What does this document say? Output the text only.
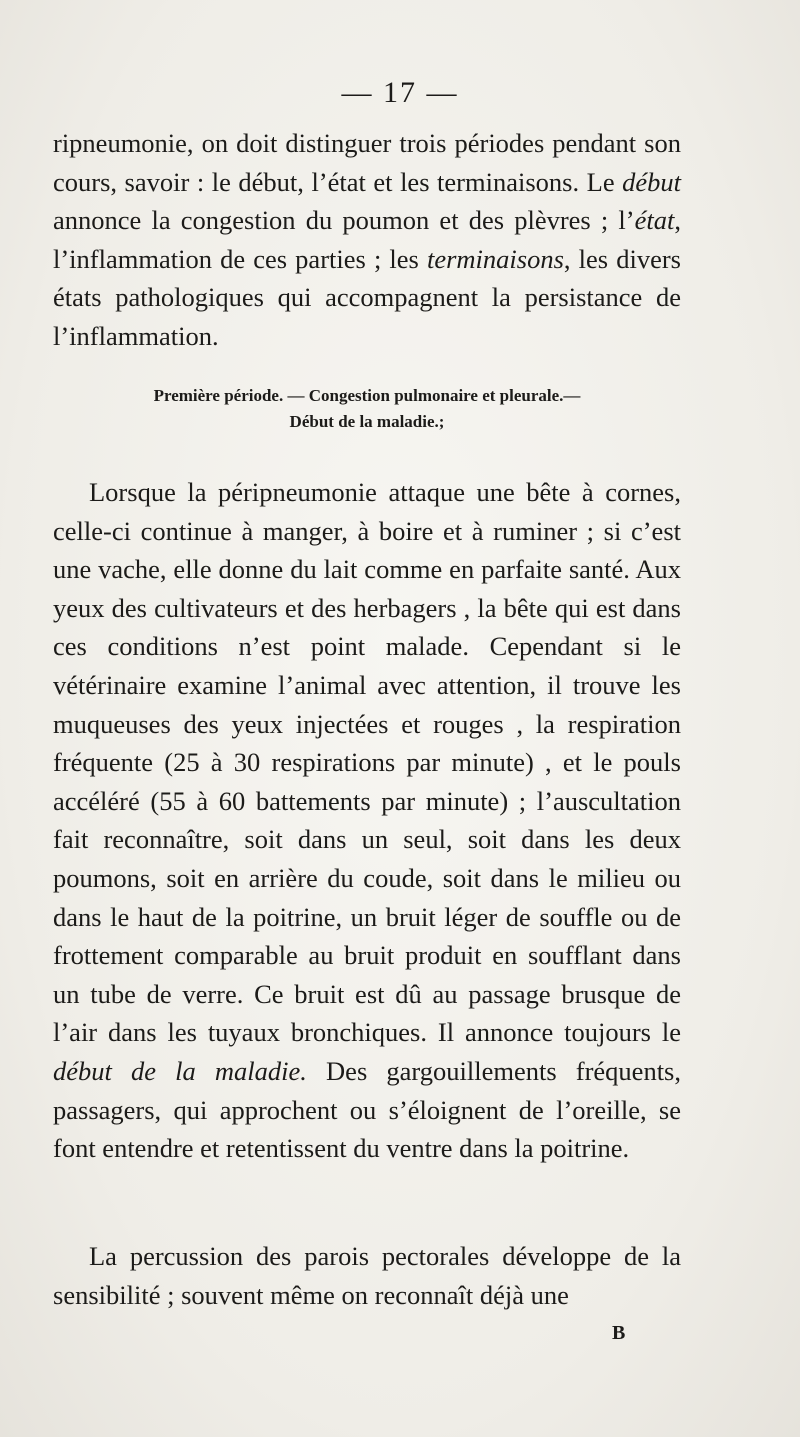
— 17 —

ripneumonie, on doit distinguer trois périodes pendant son cours, savoir : le début, l’état et les terminaisons. Le début annonce la congestion du poumon et des plèvres ; l’état, l’inflammation de ces parties ; les terminaisons, les divers états pathologiques qui accompagnent la persistance de l’inflammation.

Première période. — Congestion pulmonaire et pleurale.—
Début de la maladie.;

Lorsque la péripneumonie attaque une bête à cornes, celle-ci continue à manger, à boire et à ruminer ; si c’est une vache, elle donne du lait comme en parfaite santé. Aux yeux des cultivateurs et des herbagers , la bête qui est dans ces conditions n’est point malade. Cependant si le vétérinaire examine l’animal avec attention, il trouve les muqueuses des yeux injectées et rouges , la respiration fréquente (25 à 30 respirations par minute) , et le pouls accéléré (55 à 60 battements par minute) ; l’auscultation fait reconnaître, soit dans un seul, soit dans les deux poumons, soit en arrière du coude, soit dans le milieu ou dans le haut de la poitrine, un bruit léger de souffle ou de frottement comparable au bruit produit en soufflant dans un tube de verre. Ce bruit est dû au passage brusque de l’air dans les tuyaux bronchiques. Il annonce toujours le début de la maladie. Des gargouillements fréquents, passagers, qui approchent ou s’éloignent de l’oreille, se font entendre et retentissent du ventre dans la poitrine.

La percussion des parois pectorales développe de la sensibilité ; souvent même on reconnaît déjà une

B
